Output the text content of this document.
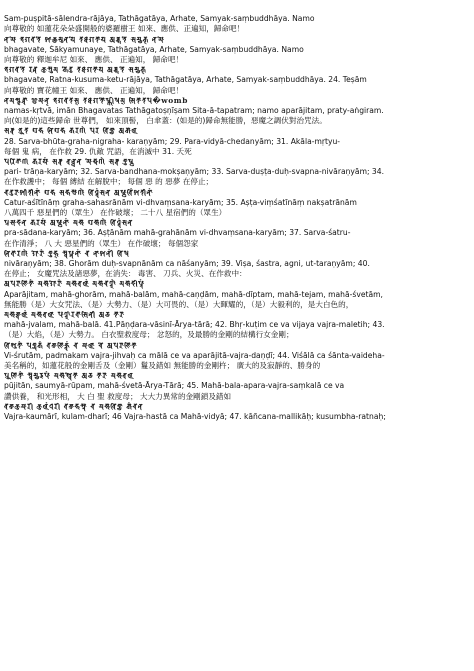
Sam-puṣpitā-sālendra-rājāya, Tathāgatāya, Arhate, Samyak-saṃbuddhāya. Namo
向尊敬的 如蓮花朵朵盛開般的婆羅樹王 如來、應供、正遍知，歸命吧！
𑖡𑖦𑖺 𑖥𑖐𑖪𑖝𑖸 𑖫𑖯𑖎𑖿𑖧𑖦𑖲𑖡𑖧𑖸 𑖝𑖞𑖯𑖐𑖝𑖯𑖧 𑖀𑖨𑖿𑖮𑖝𑖸 𑖭𑖦𑖿𑖧𑖎𑖿 𑖡𑖦𑖺
bhagavate, Śākyamunaye, Tathāgatāya, Arhate, Samyak-saṃbuddhāya. Namo
向尊敬的 釋迦牟尼 如來、 應供、 正遍知， 歸命吧！
𑖥𑖐𑖪𑖝𑖸 𑖨𑖝𑖿𑖡 𑖎𑖲𑖭𑖲𑖦 𑖎𑖸𑖝𑖲 𑖝𑖞𑖯𑖐𑖝𑖯𑖧 𑖀𑖨𑖿𑖮𑖝𑖸 𑖭𑖦𑖿𑖧𑖎𑖿
bhagavate, Ratna-kusuma-ketu-rājāya, Tathāgatāya, Arhate, Samyak-saṃbuddhāya. 24. Teṣām
向尊敬的 寶花幢王 如來、 應供、 正遍知， 歸命吧！
𑖡𑖦𑖭𑖿𑖎𑖴𑖝𑖿𑖪𑖯 𑖂𑖦𑖯𑖡𑖿 𑖥𑖐𑖪𑖝𑖭𑖿 𑖝𑖞𑖯𑖐𑖝𑖺𑖬𑖿𑖜𑖱𑖬𑖦𑖿 𑖭𑖰𑖝𑖯𑖝𑖢�womb
namas-kṛtvā, imān Bhagavatas Tathāgatoṣṇīṣam Sita-ā-tapatram; namo aparājitam, praty-aṅgiram.
向(如是的)這些歸命 世尊們， 如來頂髻， 白傘蓋：(如是的)歸命無能勝，惡魔之調伏對治咒法。
𑖭𑖨𑖿𑖪 𑖥𑖳𑖝 𑖐𑖿𑖨𑖮 𑖡𑖰𑖐𑖿𑖨𑖮 𑖎𑖨𑖜𑖽 𑖢𑖨 𑖪𑖰𑖟𑖿𑖧𑖯 𑖀𑖎𑖯𑖩
28. Sarva-bhūta-graha-nigraha- karaṇyām; 29. Para-vidyā-chedanyām; 31. Akāla-mṛtyu-
每個 鬼 病， 在作救 29. 仇敵 咒語，在消滅中 31. 夭死
𑖢𑖨𑖰𑖝𑖿𑖨𑖯𑖜 𑖎𑖨𑖧𑖯𑖽 𑖭𑖨𑖿𑖪 𑖤𑖡𑖿𑖠𑖡 𑖦𑖺𑖎𑖿𑖬𑖜𑖽 𑖭𑖨𑖿𑖪 𑖟𑖲𑖬𑖿𑖘
pari- trāṇa-karyām; 32. Sarva-bandhana-mokṣaṇyām; 33. Sarva-duṣṭa-duḥ-svapna-nivāraṇyām; 34.
在作救護中； 每個 縛結 在解脫中； 每個 惡 的 惡夢 在停止；
𑖓𑖝𑖲𑖨𑖯𑖫𑖱𑖝𑖱𑖡𑖯𑖽 𑖐𑖿𑖨𑖮 𑖭𑖮𑖭𑖿𑖨𑖯𑖜𑖯𑖽 𑖪𑖰𑖠𑖿𑖪𑖽𑖭𑖡 𑖀𑖬𑖿𑖘𑖯𑖪𑖰𑖽𑖫𑖝𑖱𑖡𑖯𑖽
Catur-aśītīnāṃ graha-sahasrānām vi-dhvaṃsana-karyām; 35. Aṣṭa-viṃśatīnāṃ nakṣatrānām
八萬四千 惡星們的（眾生） 在作破壞； 二十八 星宿們的（眾生）
𑖢𑖿𑖨𑖭𑖯𑖟𑖡 𑖎𑖨𑖧𑖯𑖽 𑖀𑖬𑖿𑖘𑖯𑖡𑖯𑖽 𑖦𑖮𑖯 𑖐𑖿𑖨𑖮𑖯𑖜𑖯𑖽 𑖪𑖰𑖠𑖿𑖪𑖽𑖭𑖡
pra-sādana-karyām; 36. Aṣṭānām mahā-grahānām vi-dhvaṃsana-karyām; 37. Sarva-śatru-
在作清淨； 八 大 惡星們的（眾生） 在作破壞； 每個怨家
𑖡𑖰𑖪𑖯𑖨𑖜𑖯𑖽 𑖐𑖺𑖨𑖯𑖽 𑖟𑖲𑖮𑖿 𑖭𑖿𑖪𑖢𑖿𑖡𑖯𑖡𑖯𑖽 𑖓 𑖡𑖯𑖫𑖡𑖱𑖽 𑖪𑖰𑖬
nivāraṇyām; 38. Ghorām duḥ-svapnānām ca nāśanyām; 39. Viṣa, śastra, agni, ut-taraṇyām; 40.
在停止； 女魔咒法及諸惡夢，在消失： 毒害、 刀兵、火災、在作救中：
𑖀𑖢𑖨𑖯𑖕𑖰𑖝𑖯𑖽 𑖦𑖮𑖯𑖐𑖺𑖨𑖯𑖽 𑖦𑖮𑖯𑖤𑖩𑖯𑖽 𑖦𑖮𑖯𑖓𑖜𑖿𑖚𑖯𑖽 𑖦𑖮𑖯𑖟𑖱𑖢𑖿𑖝𑖯𑖽
Aparājitam, mahā-ghorām, mahā-balām, mahā-caṇḍām, mahā-dīptam, mahā-tejam, mahā-śvetām,
無能勝（是）大女咒法、（是）大勢力、（是）大可畏的、（是）大暉耀的，（是）大毅利的，是大白色的，
𑖦𑖮𑖯𑖕𑖿𑖪𑖩𑖯𑖽 𑖦𑖮𑖯𑖤𑖩𑖯 𑖢𑖯𑖜𑖿𑖚𑖨𑖪𑖯𑖭𑖰𑖡𑖱 𑖀𑖨𑖿𑖧 𑖝𑖯𑖨𑖯
mahā-jvalam, mahā-balā. 41.Pāṇḍara-vāsinī-Ārya-tārā; 42. Bhṛ-kuṭim ce va vijaya vajra-maletih; 43.
（是）大焰，（是）大勢力。 白衣聖救度母； 忿怒的，及最勝的金剛的結構行女金剛；
𑖪𑖰𑖫𑖿𑖨𑖲𑖝𑖯𑖽 𑖢𑖟𑖿𑖦𑖎𑖽 𑖪𑖕𑖿𑖨𑖕𑖰𑖮𑖿𑖪𑖽 𑖓 𑖦𑖯𑖩𑖯 𑖓𑖸 𑖀𑖢𑖨𑖯𑖕𑖰𑖝𑖯
Vi-śrutām, padmakam vajra-jihvaḥ ca mālā ce va aparājitā-vajra-daṇḍī; 44. Viśālā ca śānta-vaideha-
美名稱的，如蓮花般的金剛舌及（金剛）鬘及錯如 無能勝的金剛杵； 廣大的及寂靜的、勝身的
𑖢𑖳𑖕𑖰𑖝𑖯𑖽 𑖭𑖿𑖪𑖦𑖿𑖧𑖨𑖳𑖢𑖯𑖽 𑖦𑖮𑖯𑖫𑖿𑖪𑖸𑖝𑖯 𑖀𑖨𑖿𑖧 𑖝𑖯𑖨𑖯 𑖦𑖮𑖯𑖤𑖩
pūjitān, saumyā-rūpam, mahā-śvetā-Ārya-Tārā; 45. Mahā-bala-apara-vajra-saṃkalā ce va
讚供養， 和光形相， 大 白 聖 救度母； 大大力異常的金剛鎖及錯如
𑖪𑖕𑖿𑖨𑖎𑖲𑖦𑖯𑖨𑖱 𑖎𑖲𑖩𑖽𑖠𑖨𑖱 𑖪𑖕𑖿𑖨𑖮𑖭𑖿𑖝𑖯 𑖓 𑖦𑖮𑖯𑖪𑖰𑖟𑖿𑖧𑖯 𑖎𑖯𑖽𑖓𑖡
Vajra-kaumārī, kulam-dharī; 46 Vajra-hastā ca Mahā-vidyā; 47. kāñcana-mallikāḥ; kusumbha-ratnaḥ;
